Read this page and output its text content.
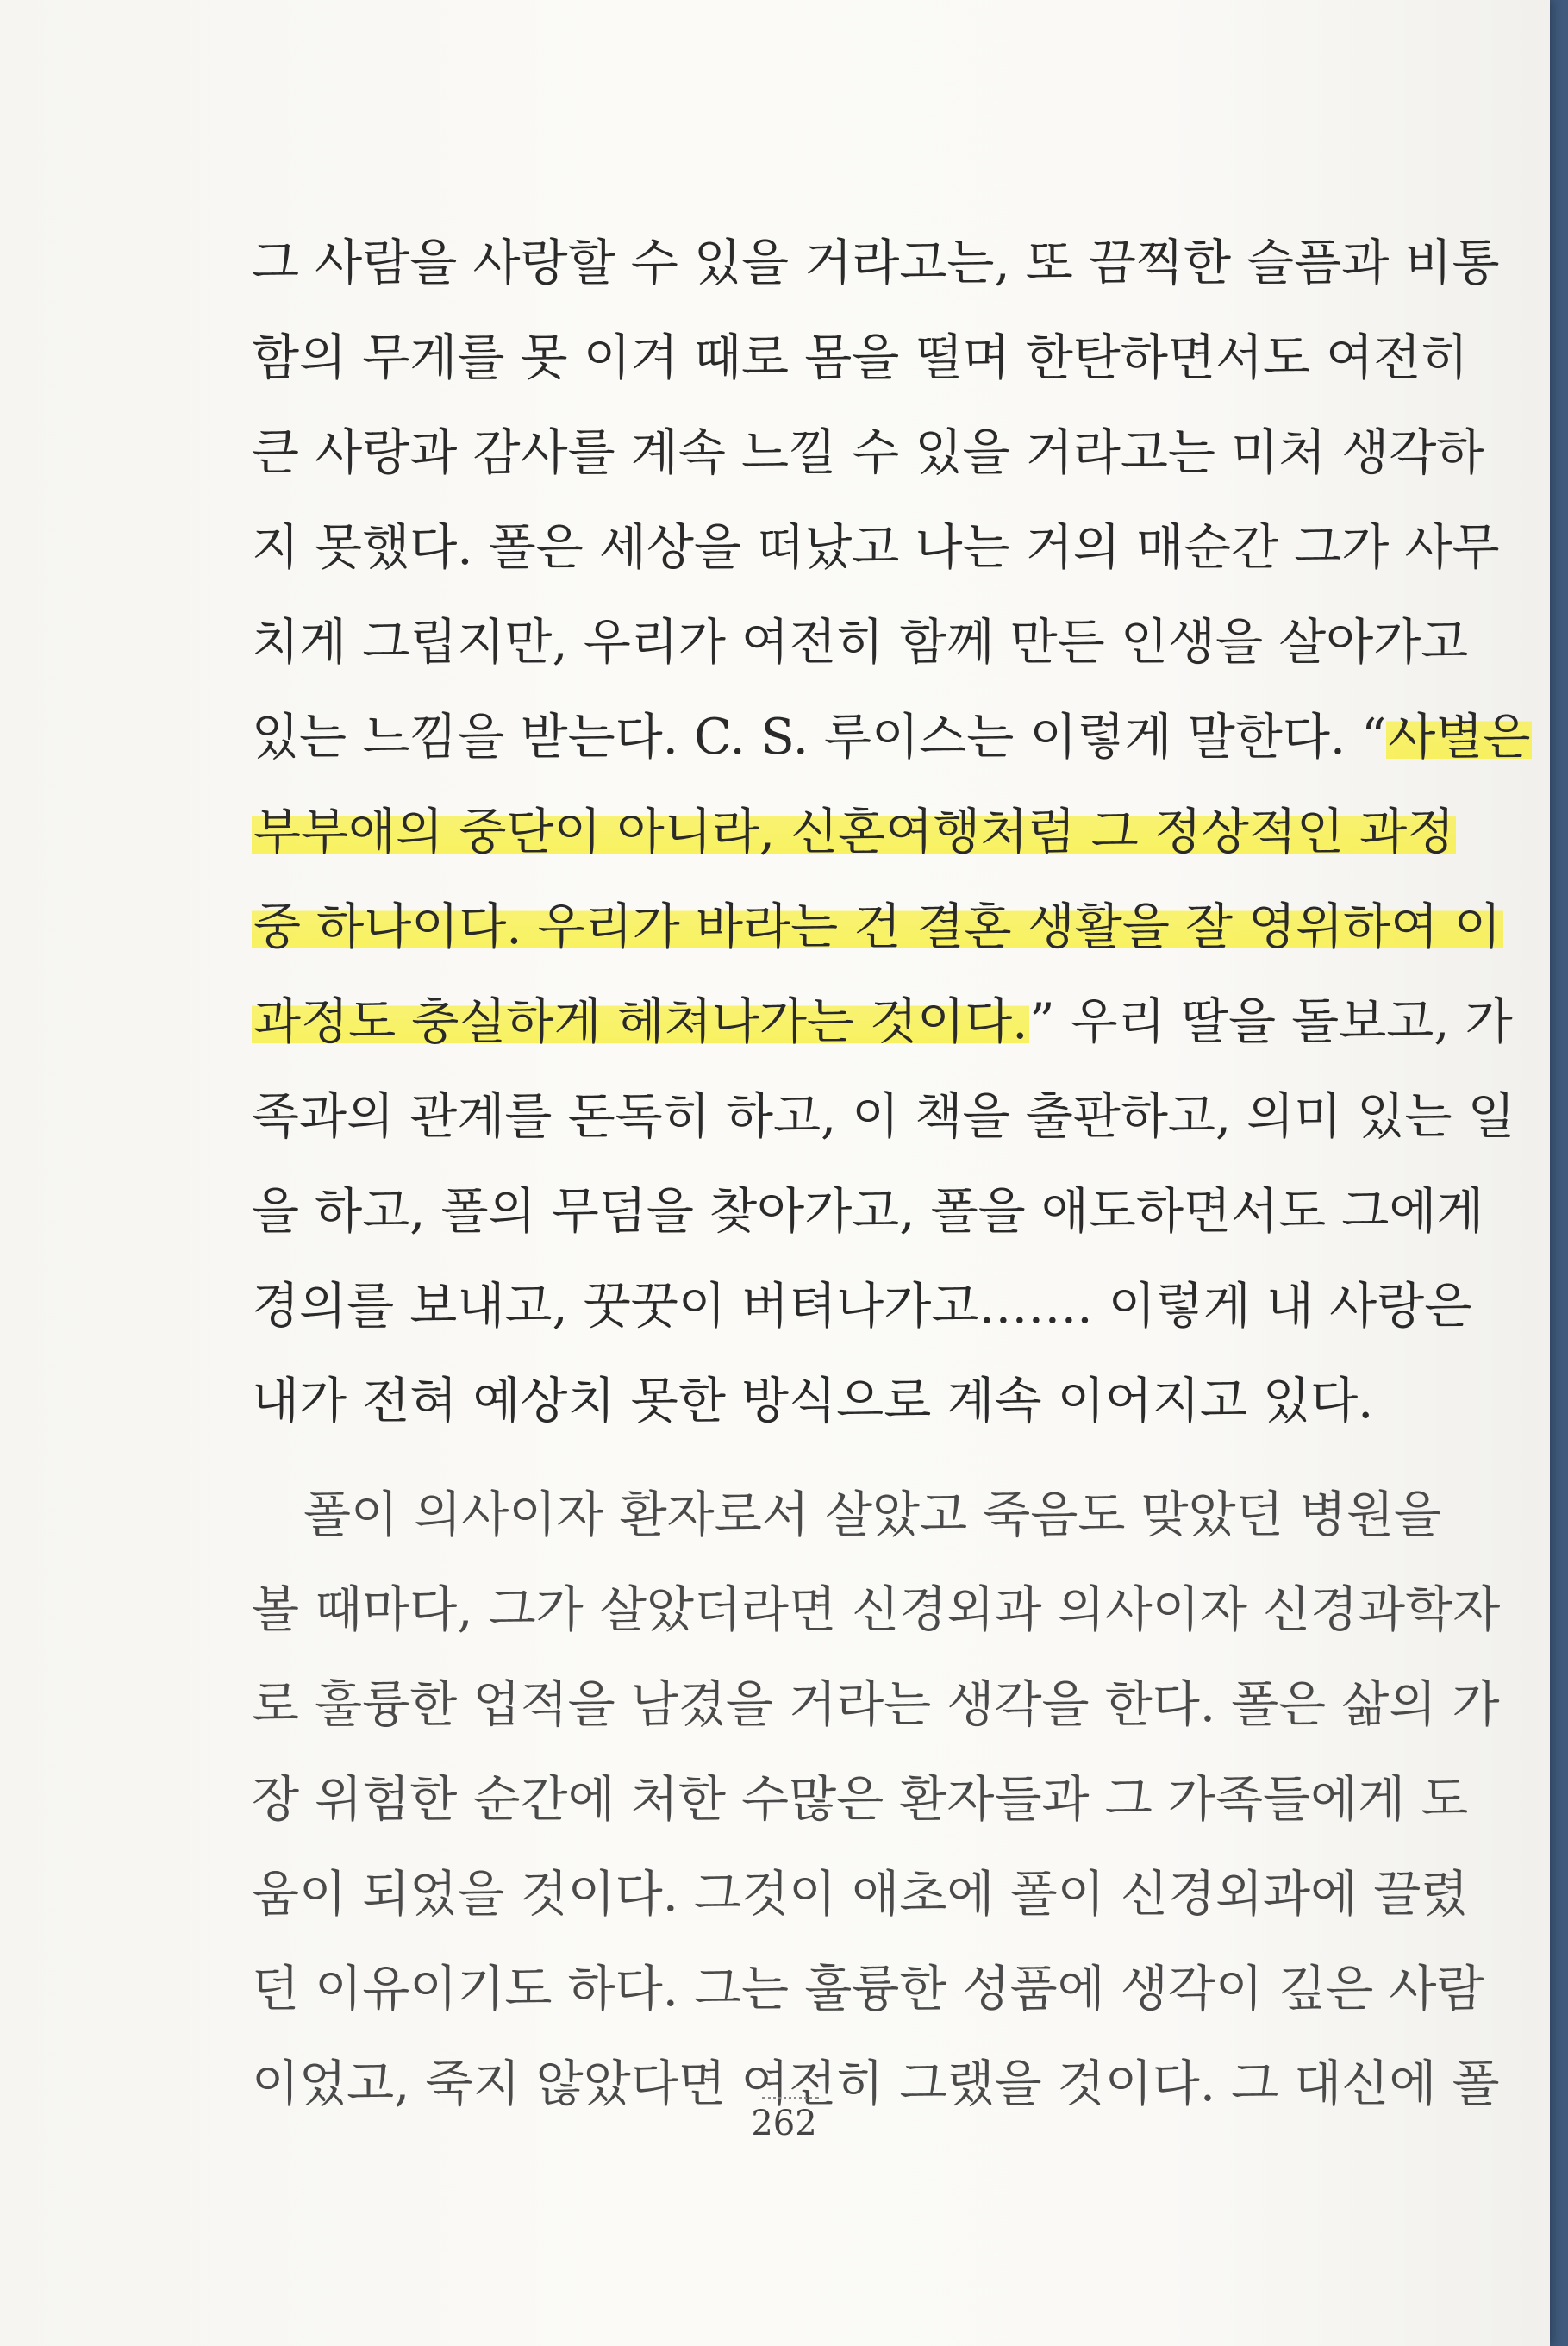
그 사람을 사랑할 수 있을 거라고는, 또 끔찍한 슬픔과 비통
함의 무게를 못 이겨 때로 몸을 떨며 한탄하면서도 여전히
큰 사랑과 감사를 계속 느낄 수 있을 거라고는 미처 생각하
지 못했다. 폴은 세상을 떠났고 나는 거의 매순간 그가 사무
치게 그립지만, 우리가 여전히 함께 만든 인생을 살아가고
있는 느낌을 받는다. C. S. 루이스는 이렇게 말한다. “사별은
부부애의 중단이 아니라, 신혼여행처럼 그 정상적인 과정
중 하나이다. 우리가 바라는 건 결혼 생활을 잘 영위하여 이
과정도 충실하게 헤쳐나가는 것이다.” 우리 딸을 돌보고, 가
족과의 관계를 돈독히 하고, 이 책을 출판하고, 의미 있는 일
을 하고, 폴의 무덤을 찾아가고, 폴을 애도하면서도 그에게
경의를 보내고, 꿋꿋이 버텨나가고……. 이렇게 내 사랑은
내가 전혀 예상치 못한 방식으로 계속 이어지고 있다.
폴이 의사이자 환자로서 살았고 죽음도 맞았던 병원을
볼 때마다, 그가 살았더라면 신경외과 의사이자 신경과학자
로 훌륭한 업적을 남겼을 거라는 생각을 한다. 폴은 삶의 가
장 위험한 순간에 처한 수많은 환자들과 그 가족들에게 도
움이 되었을 것이다. 그것이 애초에 폴이 신경외과에 끌렸
던 이유이기도 하다. 그는 훌륭한 성품에 생각이 깊은 사람
이었고, 죽지 않았다면 여전히 그랬을 것이다. 그 대신에 폴
262
